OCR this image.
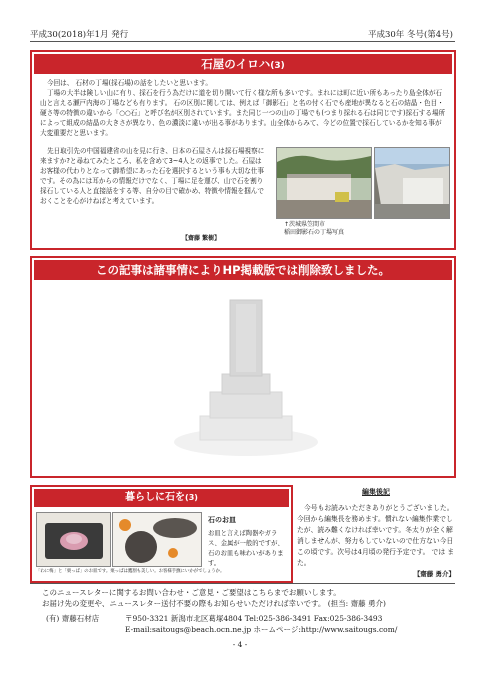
平成30(2018)年1月 発行	平成30年 冬号(第4号)
石屋のイロハ(3)

今回は、 石材の丁場(採石場)の話をしたいと思います。

丁場の大半は険しい山に有り、採石を行う為だけに道を切り開いて行く様な所も多いです。まれには町に近い所もあったり島全体が石山と言える瀬戸内海の丁場なども有ります。 石の区別に関しては、例えば「御影石」と名の付く石でも産地が異なると石の結晶・色目・硬さ等の特徴の違いから「○○石」と呼び名が区別されています。また同じ一つの山の丁場でも(つまり採れる石は同じです)採石する場所によって組成の結晶の大きさが異なり、色の濃淡に違いが出る事があります。山全体からみて、今どの位置で採石しているかを知る事が大変重要だと思います。

先日取引先の中国福建省の山を見に行き、日本の石屋さんは採石場視察に来ますか?と尋ねてみたところ、私を含めて3~4人との返事でした。石屋はお客様の代わりとなって御希望にあった石を選択するという事も大切な仕事です。その為には耳からの情報だけでなく、丁場に足を運び、山で石を割り採石している人と直接話をする等、自分の目で確かめ、特徴や情報を掴んでおくことを心がけねばと考えています。

【齋藤 繁樹】
↑茨城県笠間市
稲田御影石の丁場写真
この記事は諸事情によりHP掲載版では削除致しました。
暮らしに石を(3)
石のお皿
お皿と言えば陶器やガラス、金属が一般的ですが、石のお皿も味わいがあります。
「わに梅」と「栗っぱ」のお皿です。栗っぱは鷹割も美しい。お客様手撫にいかがでしょうか。
編集後記
今号もお読みいただきありがとうございました。今回から編集長を務めます。慣れない編集作業でしたが、読み難くなければ幸いです。冬太りが全く解消しませんが、努力もしていないので仕方ない今日この頃です。次号は4月頃の発行予定です。 では また。
【齋藤 勇介】
このニュースレターに関するお問い合わせ・ご意見・ご要望はこちらまでお願いします。
お届け先の変更や、ニュースレター送付不要の際もお知らせいただければ幸いです。 (担当: 齋藤 勇介)
(有) 齋藤石材店	〒950-3321 新潟市北区葛塚4804 Tel:025-386-3491 Fax:025-386-3493
E-mail:saitougs@beach.ocn.ne.jp ホームページ:http://www.saitougs.com/
- 4 -
